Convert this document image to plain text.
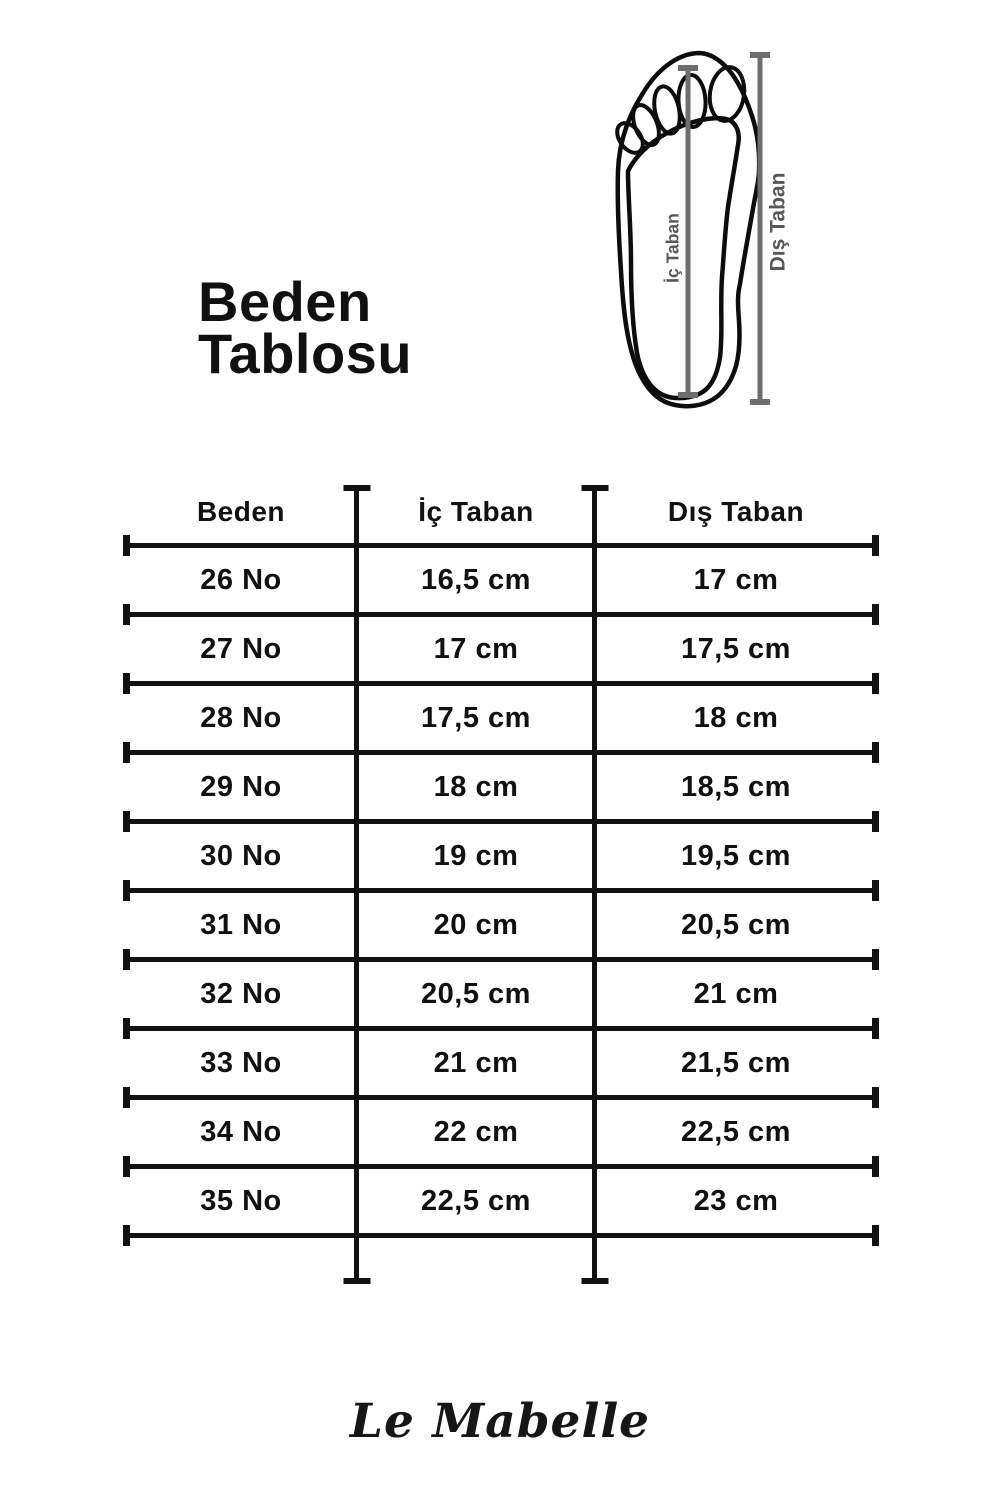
Beden
Tablosu
İç Taban	Dış Taban
Beden	İç Taban	Dış Taban
26 No	16,5 cm	17 cm
27 No	17 cm	17,5 cm
28 No	17,5 cm	18 cm
29 No	18 cm	18,5 cm
30 No	19 cm	19,5 cm
31 No	20 cm	20,5 cm
32 No	20,5 cm	21 cm
33 No	21 cm	21,5 cm
34 No	22 cm	22,5 cm
35 No	22,5 cm	23 cm
Le Mabelle
